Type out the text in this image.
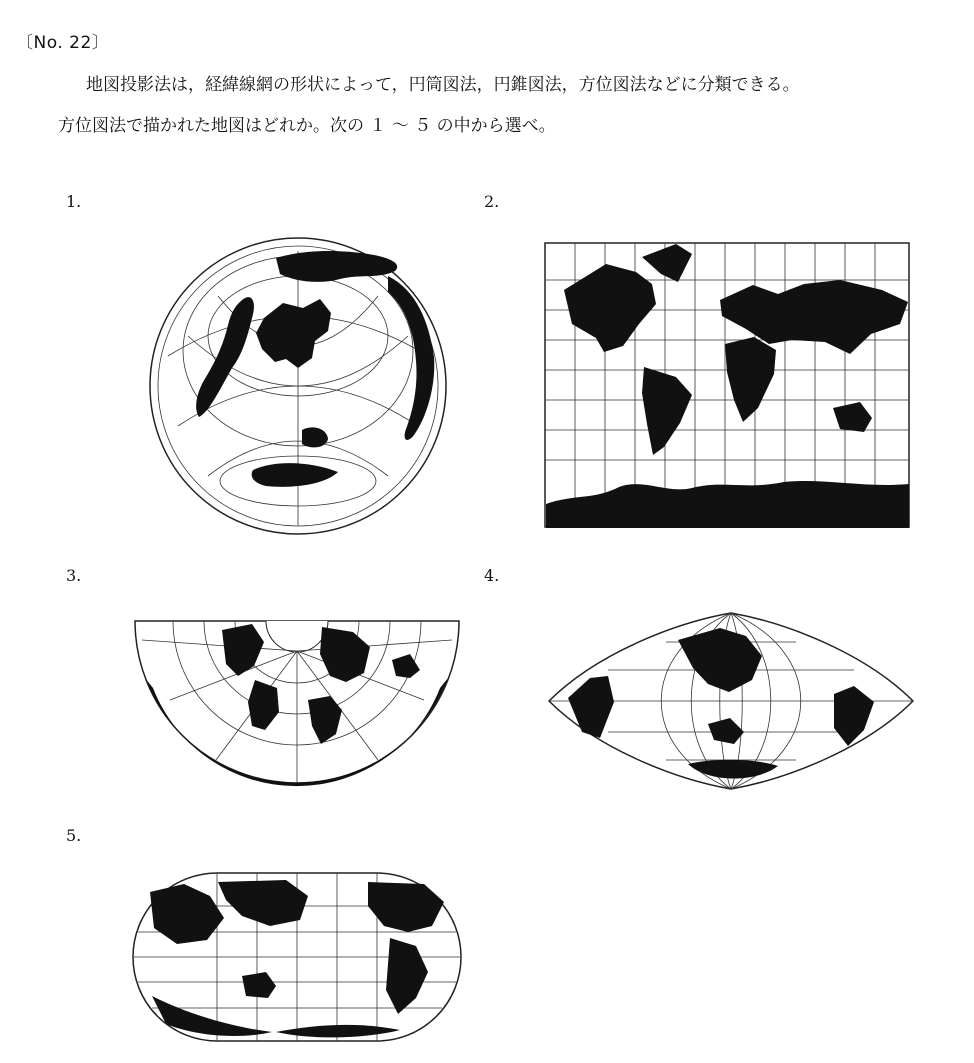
〔No. 22〕
地図投影法は，経緯線網の形状によって，円筒図法，円錐図法，方位図法などに分類できる。
方位図法で描かれた地図はどれか。次の １ ～ ５ の中から選べ。
1.	2.
3.	4.
5.
